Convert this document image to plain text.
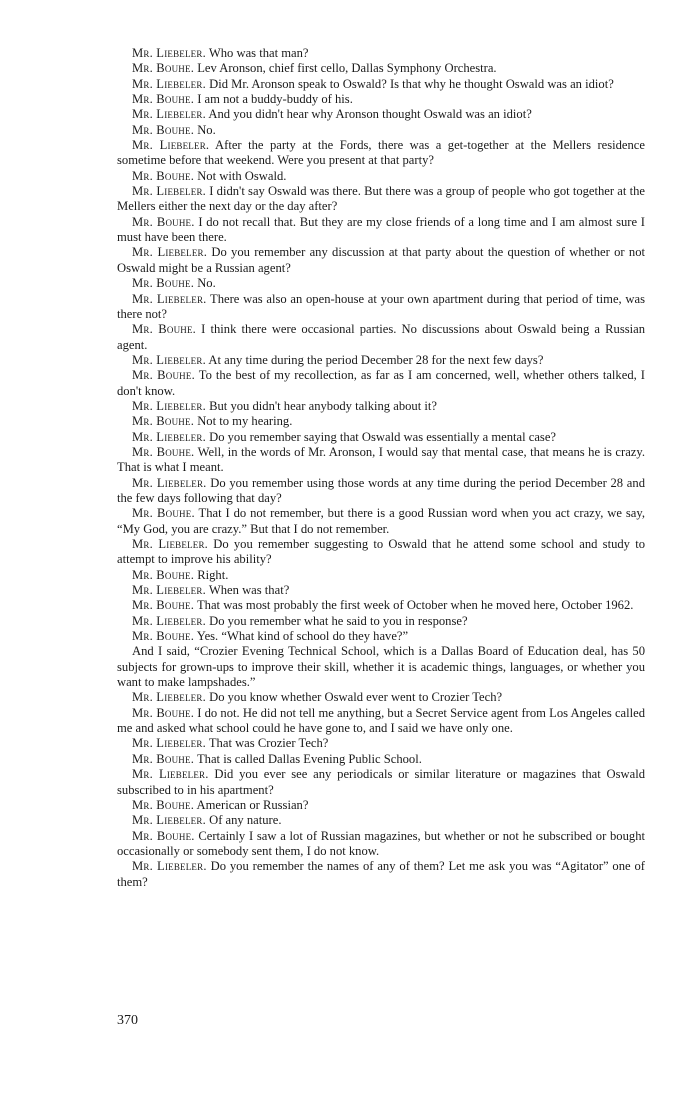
Mr. Liebeler. Who was that man?

Mr. Bouhe. Lev Aronson, chief first cello, Dallas Symphony Orchestra.

Mr. Liebeler. Did Mr. Aronson speak to Oswald? Is that why he thought Oswald was an idiot?

Mr. Bouhe. I am not a buddy-buddy of his.

Mr. Liebeler. And you didn't hear why Aronson thought Oswald was an idiot?

Mr. Bouhe. No.

Mr. Liebeler. After the party at the Fords, there was a get-together at the Mellers residence sometime before that weekend. Were you present at that party?

Mr. Bouhe. Not with Oswald.

Mr. Liebeler. I didn't say Oswald was there. But there was a group of people who got together at the Mellers either the next day or the day after?

Mr. Bouhe. I do not recall that. But they are my close friends of a long time and I am almost sure I must have been there.

Mr. Liebeler. Do you remember any discussion at that party about the question of whether or not Oswald might be a Russian agent?

Mr. Bouhe. No.

Mr. Liebeler. There was also an open-house at your own apartment during that period of time, was there not?

Mr. Bouhe. I think there were occasional parties. No discussions about Oswald being a Russian agent.

Mr. Liebeler. At any time during the period December 28 for the next few days?

Mr. Bouhe. To the best of my recollection, as far as I am concerned, well, whether others talked, I don't know.

Mr. Liebeler. But you didn't hear anybody talking about it?

Mr. Bouhe. Not to my hearing.

Mr. Liebeler. Do you remember saying that Oswald was essentially a mental case?

Mr. Bouhe. Well, in the words of Mr. Aronson, I would say that mental case, that means he is crazy. That is what I meant.

Mr. Liebeler. Do you remember using those words at any time during the period December 28 and the few days following that day?

Mr. Bouhe. That I do not remember, but there is a good Russian word when you act crazy, we say, “My God, you are crazy.” But that I do not remember.

Mr. Liebeler. Do you remember suggesting to Oswald that he attend some school and study to attempt to improve his ability?

Mr. Bouhe. Right.

Mr. Liebeler. When was that?

Mr. Bouhe. That was most probably the first week of October when he moved here, October 1962.

Mr. Liebeler. Do you remember what he said to you in response?

Mr. Bouhe. Yes. “What kind of school do they have?”

And I said, “Crozier Evening Technical School, which is a Dallas Board of Education deal, has 50 subjects for grown-ups to improve their skill, whether it is academic things, languages, or whether you want to make lampshades.”

Mr. Liebeler. Do you know whether Oswald ever went to Crozier Tech?

Mr. Bouhe. I do not. He did not tell me anything, but a Secret Service agent from Los Angeles called me and asked what school could he have gone to, and I said we have only one.

Mr. Liebeler. That was Crozier Tech?

Mr. Bouhe. That is called Dallas Evening Public School.

Mr. Liebeler. Did you ever see any periodicals or similar literature or magazines that Oswald subscribed to in his apartment?

Mr. Bouhe. American or Russian?

Mr. Liebeler. Of any nature.

Mr. Bouhe. Certainly I saw a lot of Russian magazines, but whether or not he subscribed or bought occasionally or somebody sent them, I do not know.

Mr. Liebeler. Do you remember the names of any of them? Let me ask you was “Agitator” one of them?

370
